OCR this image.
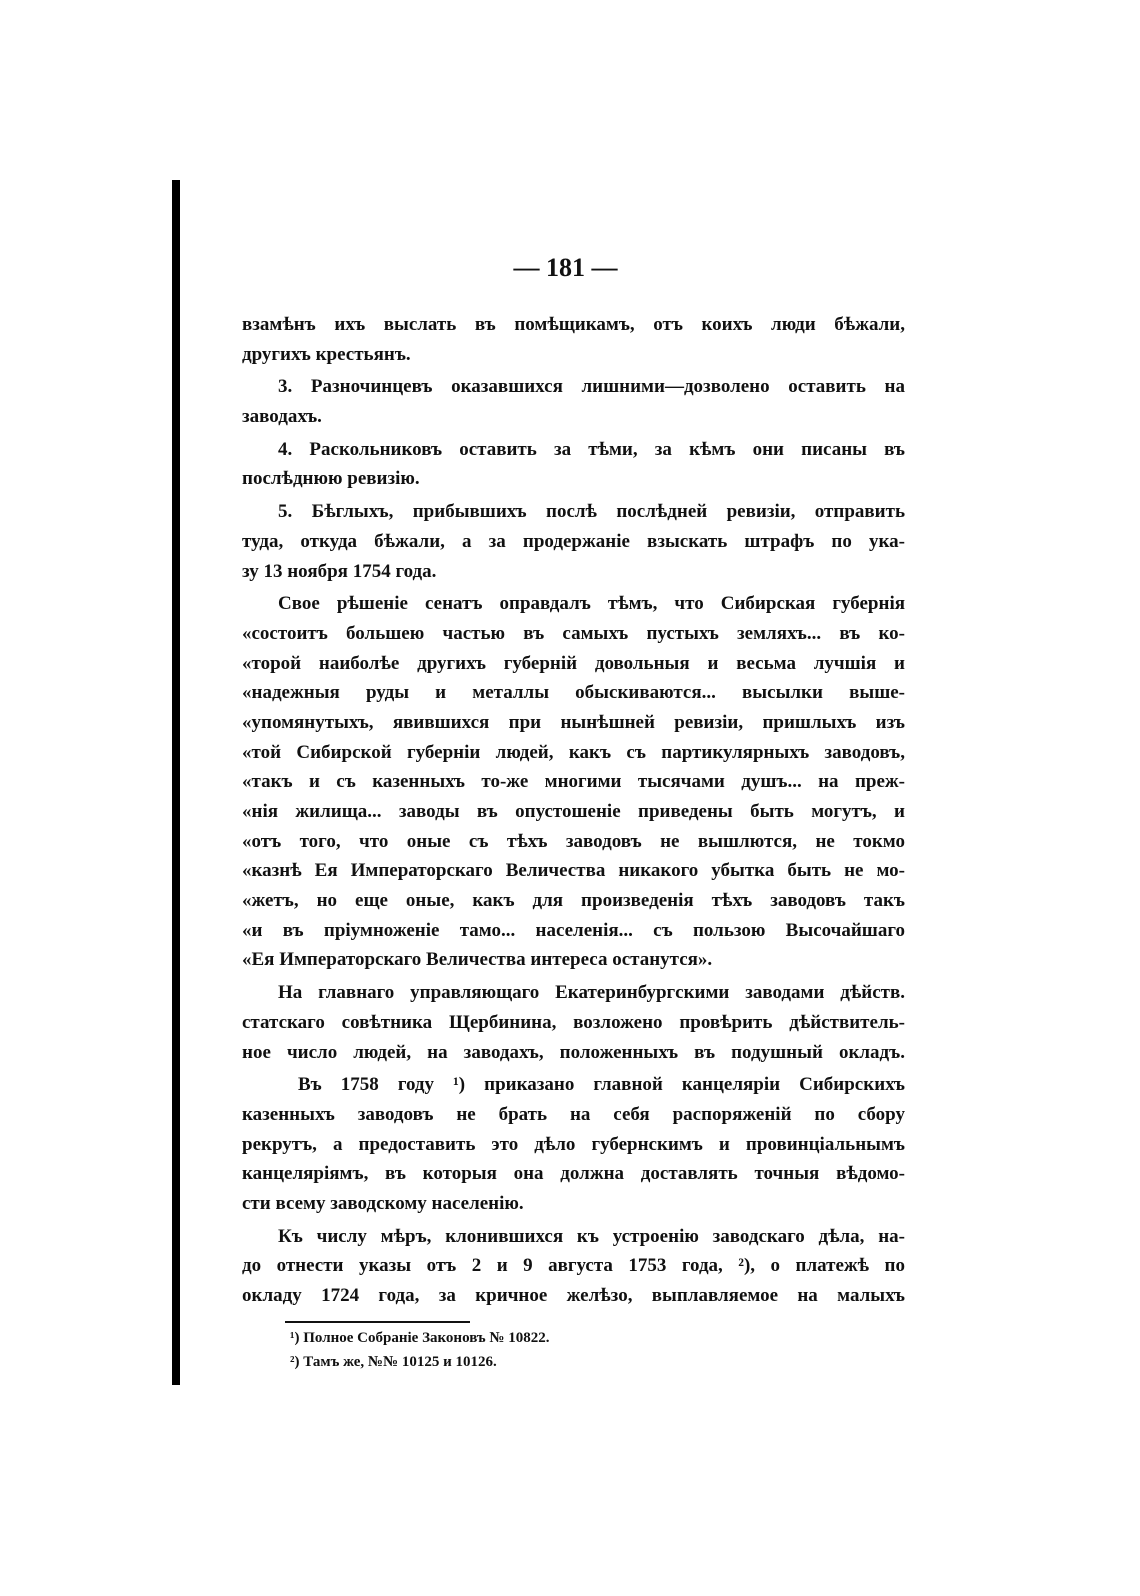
— 181 —
взамѣнъ ихъ выслать въ помѣщикамъ, отъ коихъ люди бѣжали,
другихъ крестьянъ.
3. Разночинцевъ оказавшихся лишними—дозволено оставить на
заводахъ.
4. Раскольниковъ оставить за тѣми, за кѣмъ они писаны въ
послѣднюю ревизію.
5. Бѣглыхъ, прибывшихъ послѣ послѣдней ревизіи, отправить
туда, откуда бѣжали, а за продержаніе взыскать штрафъ по ука-
зу 13 ноября 1754 года.
Свое рѣшеніе сенатъ оправдалъ тѣмъ, что Сибирская губернія
«состоитъ большею частью въ самыхъ пустыхъ земляхъ... въ ко-
«торой наиболѣе другихъ губерній довольныя и весьма лучшія и
«надежныя руды и металлы обыскиваются... высылки выше-
«упомянутыхъ, явившихся при нынѣшней ревизіи, пришлыхъ изъ
«той Сибирской губерніи людей, какъ съ партикулярныхъ заводовъ,
«такъ и съ казенныхъ то-же многими тысячами душъ... на преж-
«нія жилища... заводы въ опустошеніе приведены быть могутъ, и
«отъ того, что оные съ тѣхъ заводовъ не вышлются, не токмо
«казнѣ Ея Императорскаго Величества никакого убытка быть не мо-
«жетъ, но еще оные, какъ для произведенія тѣхъ заводовъ такъ
«и въ пріумноженіе тамо... населенія... съ пользою Высочайшаго
«Ея Императорскаго Величества интереса останутся».
На главнаго управляющаго Екатеринбургскими заводами дѣйств.
статскаго совѣтника Щербинина, возложено провѣрить дѣйствитель-
ное число людей, на заводахъ, положенныхъ въ подушный окладъ.
Въ 1758 году ¹) приказано главной канцеляріи Сибирскихъ
казенныхъ заводовъ не брать на себя распоряженій по сбору
рекрутъ, а предоставить это дѣло губернскимъ и провинціальнымъ
канцеляріямъ, въ которыя она должна доставлять точныя вѣдомо-
сти всему заводскому населенію.
Къ числу мѣръ, клонившихся къ устроенію заводскаго дѣла, на-
до отнести указы отъ 2 и 9 августа 1753 года, ²), о платежѣ по
окладу 1724 года, за кричное желѣзо, выплавляемое на малыхъ
¹) Полное Собраніе Законовъ № 10822.
²) Тамъ же, №№ 10125 и 10126.
